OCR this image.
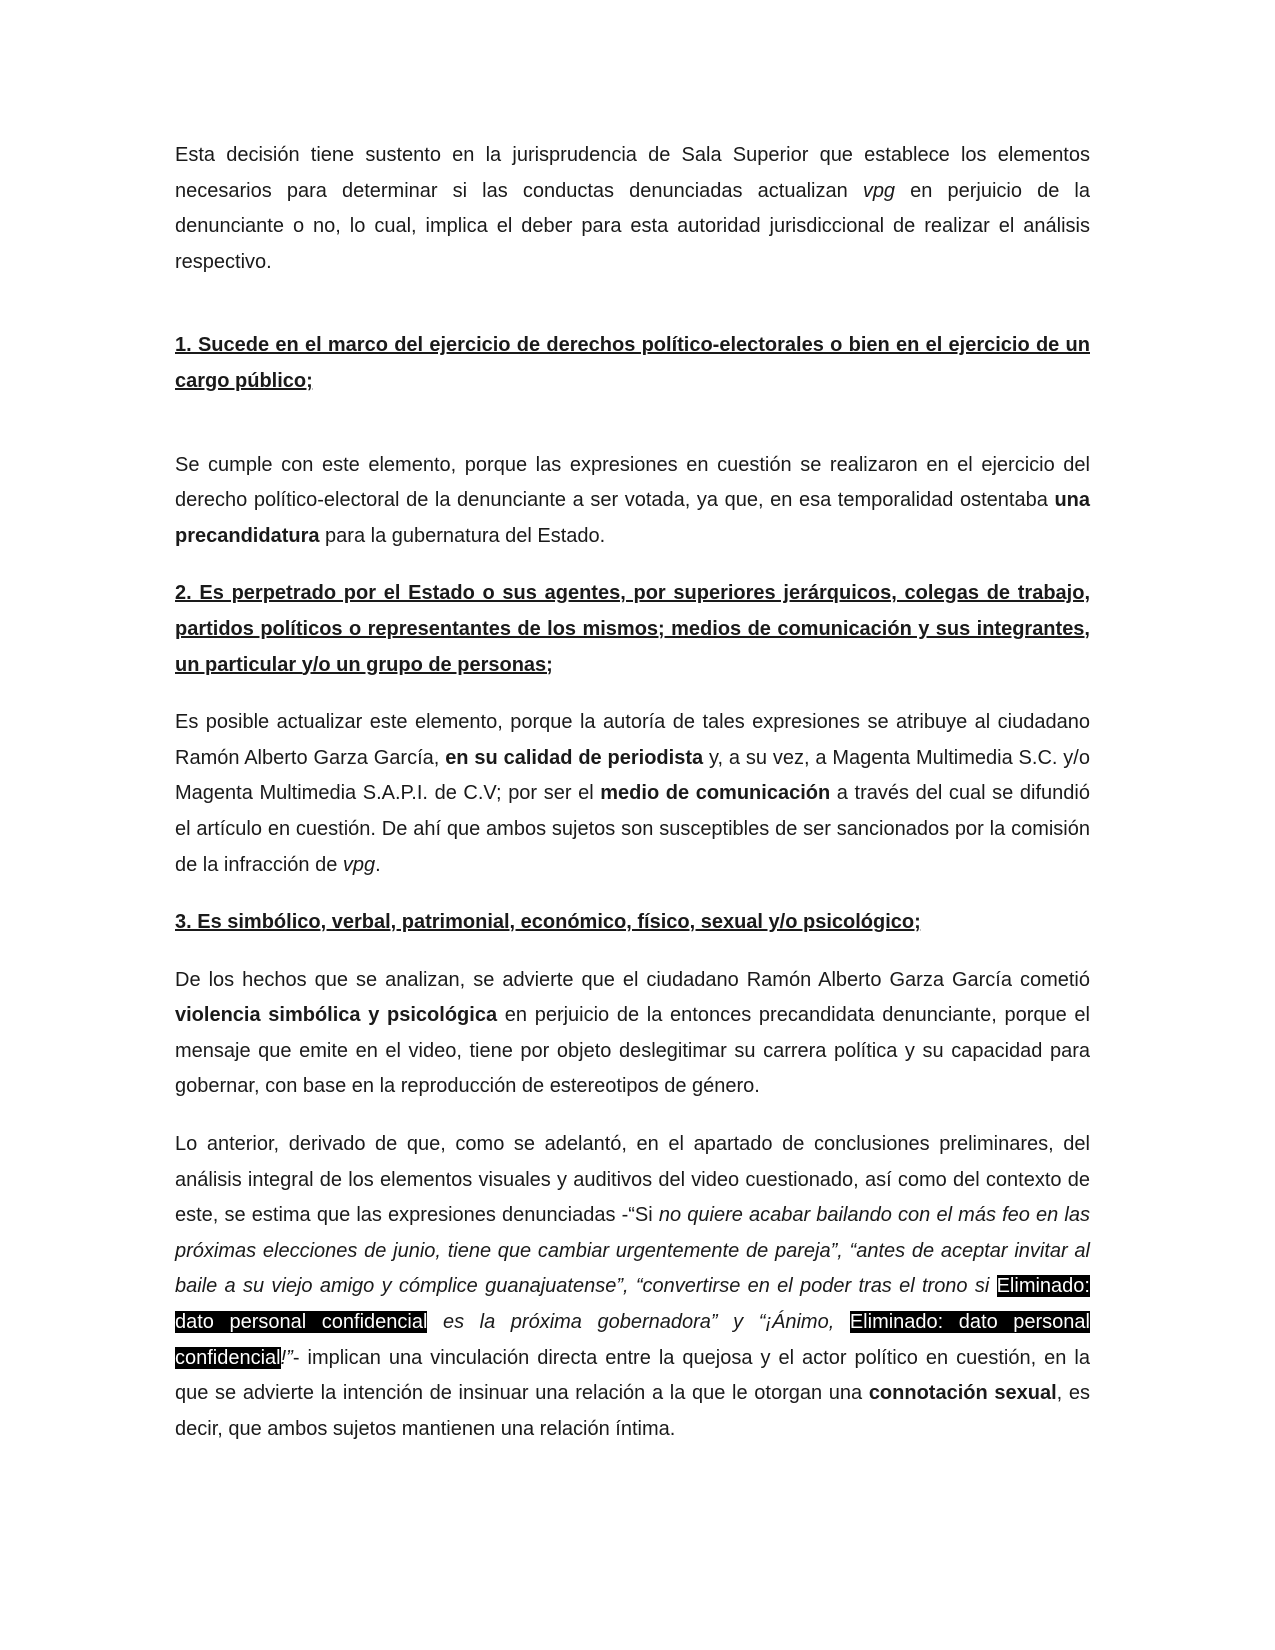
Esta decisión tiene sustento en la jurisprudencia de Sala Superior que establece los elementos necesarios para determinar si las conductas denunciadas actualizan vpg en perjuicio de la denunciante o no, lo cual, implica el deber para esta autoridad jurisdiccional de realizar el análisis respectivo.

1. Sucede en el marco del ejercicio de derechos político-electorales o bien en el ejercicio de un cargo público;

Se cumple con este elemento, porque las expresiones en cuestión se realizaron en el ejercicio del derecho político-electoral de la denunciante a ser votada, ya que, en esa temporalidad ostentaba una precandidatura para la gubernatura del Estado.

2. Es perpetrado por el Estado o sus agentes, por superiores jerárquicos, colegas de trabajo, partidos políticos o representantes de los mismos; medios de comunicación y sus integrantes, un particular y/o un grupo de personas;

Es posible actualizar este elemento, porque la autoría de tales expresiones se atribuye al ciudadano Ramón Alberto Garza García, en su calidad de periodista y, a su vez, a Magenta Multimedia S.C. y/o Magenta Multimedia S.A.P.I. de C.V; por ser el medio de comunicación a través del cual se difundió el artículo en cuestión. De ahí que ambos sujetos son susceptibles de ser sancionados por la comisión de la infracción de vpg.

3. Es simbólico, verbal, patrimonial, económico, físico, sexual y/o psicológico;

De los hechos que se analizan, se advierte que el ciudadano Ramón Alberto Garza García cometió violencia simbólica y psicológica en perjuicio de la entonces precandidata denunciante, porque el mensaje que emite en el video, tiene por objeto deslegitimar su carrera política y su capacidad para gobernar, con base en la reproducción de estereotipos de género.

Lo anterior, derivado de que, como se adelantó, en el apartado de conclusiones preliminares, del análisis integral de los elementos visuales y auditivos del video cuestionado, así como del contexto de este, se estima que las expresiones denunciadas -“Si no quiere acabar bailando con el más feo en las próximas elecciones de junio, tiene que cambiar urgentemente de pareja”, “antes de aceptar invitar al baile a su viejo amigo y cómplice guanajuatense”, “convertirse en el poder tras el trono si Eliminado: dato personal confidencial es la próxima gobernadora” y “¡Ánimo, Eliminado: dato personal confidencial!”- implican una vinculación directa entre la quejosa y el actor político en cuestión, en la que se advierte la intención de insinuar una relación a la que le otorgan una connotación sexual, es decir, que ambos sujetos mantienen una relación íntima.
